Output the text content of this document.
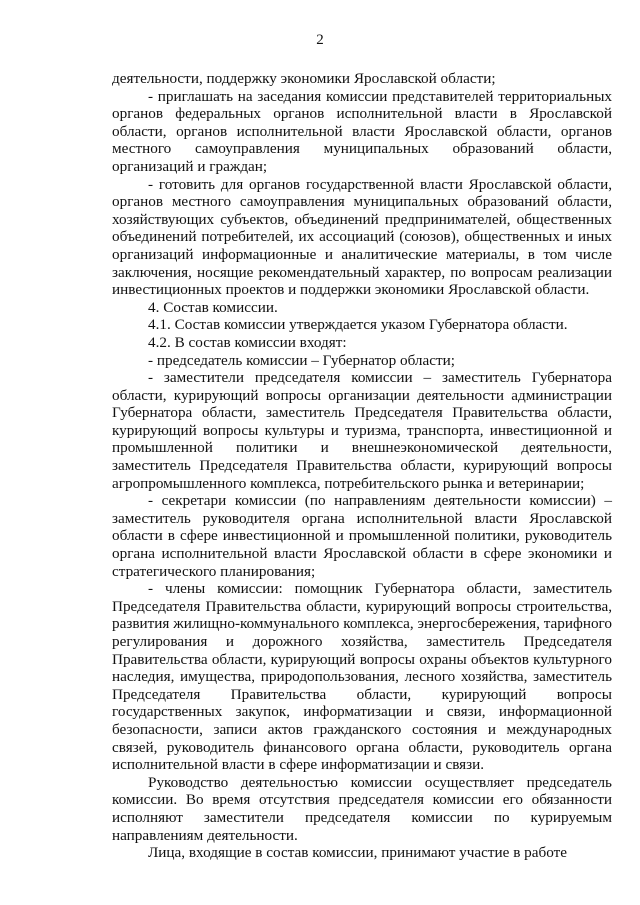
2

деятельности, поддержку экономики Ярославской области;

- приглашать на заседания комиссии представителей территориальных органов федеральных органов исполнительной власти в Ярославской области, органов исполнительной власти Ярославской области, органов местного самоуправления муниципальных образований области, организаций и граждан;

- готовить для органов государственной власти Ярославской области, органов местного самоуправления муниципальных образований области, хозяйствующих субъектов, объединений предпринимателей, общественных объединений потребителей, их ассоциаций (союзов), общественных и иных организаций информационные и аналитические материалы, в том числе заключения, носящие рекомендательный характер, по вопросам реализации инвестиционных проектов и поддержки экономики Ярославской области.

4. Состав комиссии.

4.1. Состав комиссии утверждается указом Губернатора области.

4.2. В состав комиссии входят:

- председатель комиссии – Губернатор области;

- заместители председателя комиссии – заместитель Губернатора области, курирующий вопросы организации деятельности администрации Губернатора области, заместитель Председателя Правительства области, курирующий вопросы культуры и туризма, транспорта, инвестиционной и промышленной политики и внешнеэкономической деятельности, заместитель Председателя Правительства области, курирующий вопросы агропромышленного комплекса, потребительского рынка и ветеринарии;

- секретари комиссии (по направлениям деятельности комиссии) – заместитель руководителя органа исполнительной власти Ярославской области в сфере инвестиционной и промышленной политики, руководитель органа исполнительной власти Ярославской области в сфере экономики и стратегического планирования;

- члены комиссии: помощник Губернатора области, заместитель Председателя Правительства области, курирующий вопросы строительства, развития жилищно-коммунального комплекса, энергосбережения, тарифного регулирования и дорожного хозяйства, заместитель Председателя Правительства области, курирующий вопросы охраны объектов культурного наследия, имущества, природопользования, лесного хозяйства, заместитель Председателя Правительства области, курирующий вопросы государственных закупок, информатизации и связи, информационной безопасности, записи актов гражданского состояния и международных связей, руководитель финансового органа области, руководитель органа исполнительной власти в сфере информатизации и связи.

Руководство деятельностью комиссии осуществляет председатель комиссии. Во время отсутствия председателя комиссии его обязанности исполняют заместители председателя комиссии по курируемым направлениям деятельности.

Лица, входящие в состав комиссии, принимают участие в работе
